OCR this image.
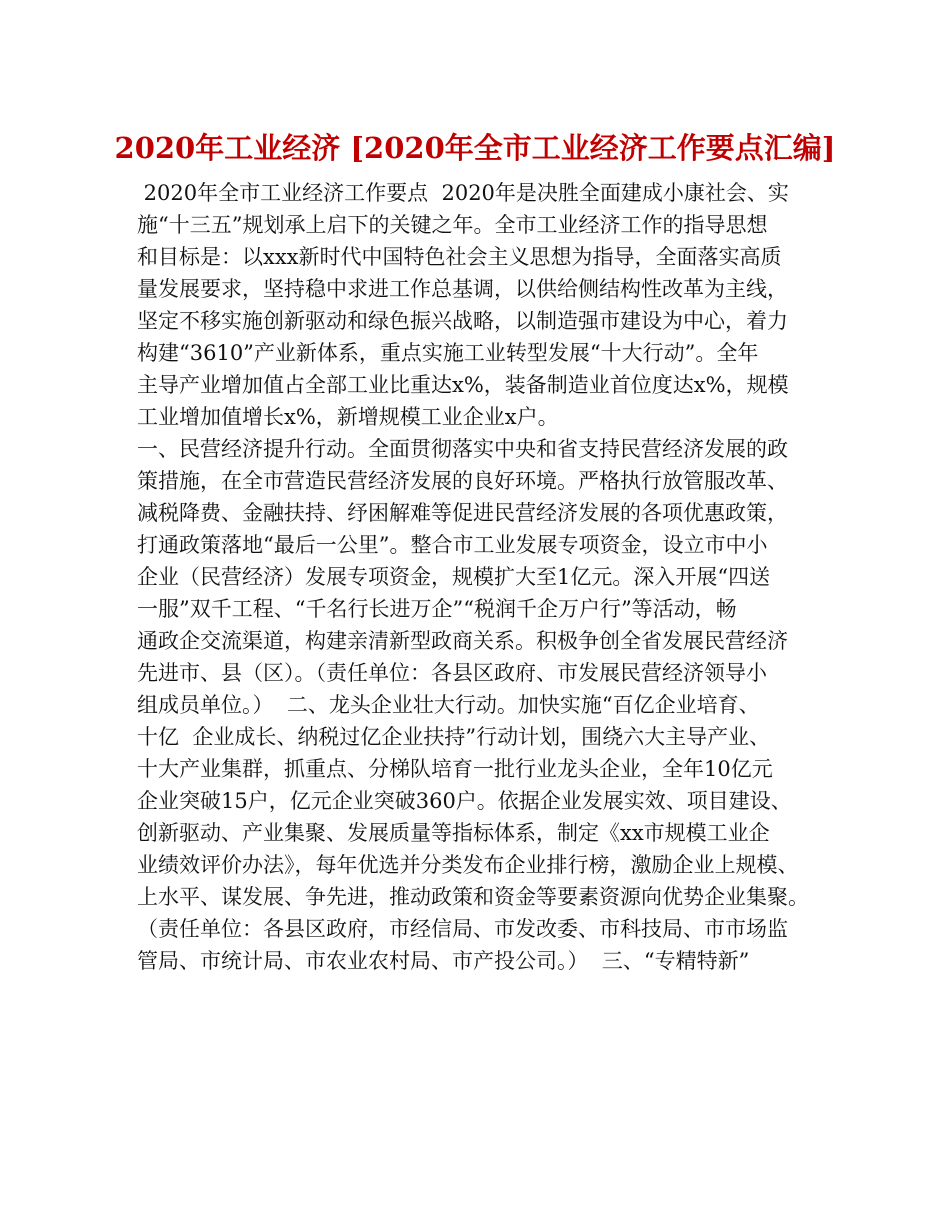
2020年工业经济 [2020年全市工业经济工作要点汇编]
2020年全市工业经济工作要点  2020年是决胜全面建成小康社会、实
施“十三五”规划承上启下的关键之年。全市工业经济工作的指导思想
和目标是：以xxx新时代中国特色社会主义思想为指导，全面落实高质
量发展要求，坚持稳中求进工作总基调，以供给侧结构性改革为主线，
坚定不移实施创新驱动和绿色振兴战略，以制造强市建设为中心，着力
构建“3610”产业新体系，重点实施工业转型发展“十大行动”。全年
主导产业增加值占全部工业比重达x%，装备制造业首位度达x%，规模
工业增加值增长x%，新增规模工业企业x户。
一、民营经济提升行动。全面贯彻落实中央和省支持民营经济发展的政
策措施，在全市营造民营经济发展的良好环境。严格执行放管服改革、
减税降费、金融扶持、纾困解难等促进民营经济发展的各项优惠政策，
打通政策落地“最后一公里”。整合市工业发展专项资金，设立市中小
企业（民营经济）发展专项资金，规模扩大至1亿元。深入开展“四送
一服”双千工程、“千名行长进万企”“税润千企万户行”等活动，畅
通政企交流渠道，构建亲清新型政商关系。积极争创全省发展民营经济
先进市、县（区）。（责任单位：各县区政府、市发展民营经济领导小
组成员单位。）  二、龙头企业壮大行动。加快实施“百亿企业培育、
十亿  企业成长、纳税过亿企业扶持”行动计划，围绕六大主导产业、
十大产业集群，抓重点、分梯队培育一批行业龙头企业，全年10亿元
企业突破15户，亿元企业突破360户。依据企业发展实效、项目建设、
创新驱动、产业集聚、发展质量等指标体系，制定《xx市规模工业企
业绩效评价办法》，每年优选并分类发布企业排行榜，激励企业上规模、
上水平、谋发展、争先进，推动政策和资金等要素资源向优势企业集聚。
（责任单位：各县区政府，市经信局、市发改委、市科技局、市市场监
管局、市统计局、市农业农村局、市产投公司。）  三、“专精特新”
